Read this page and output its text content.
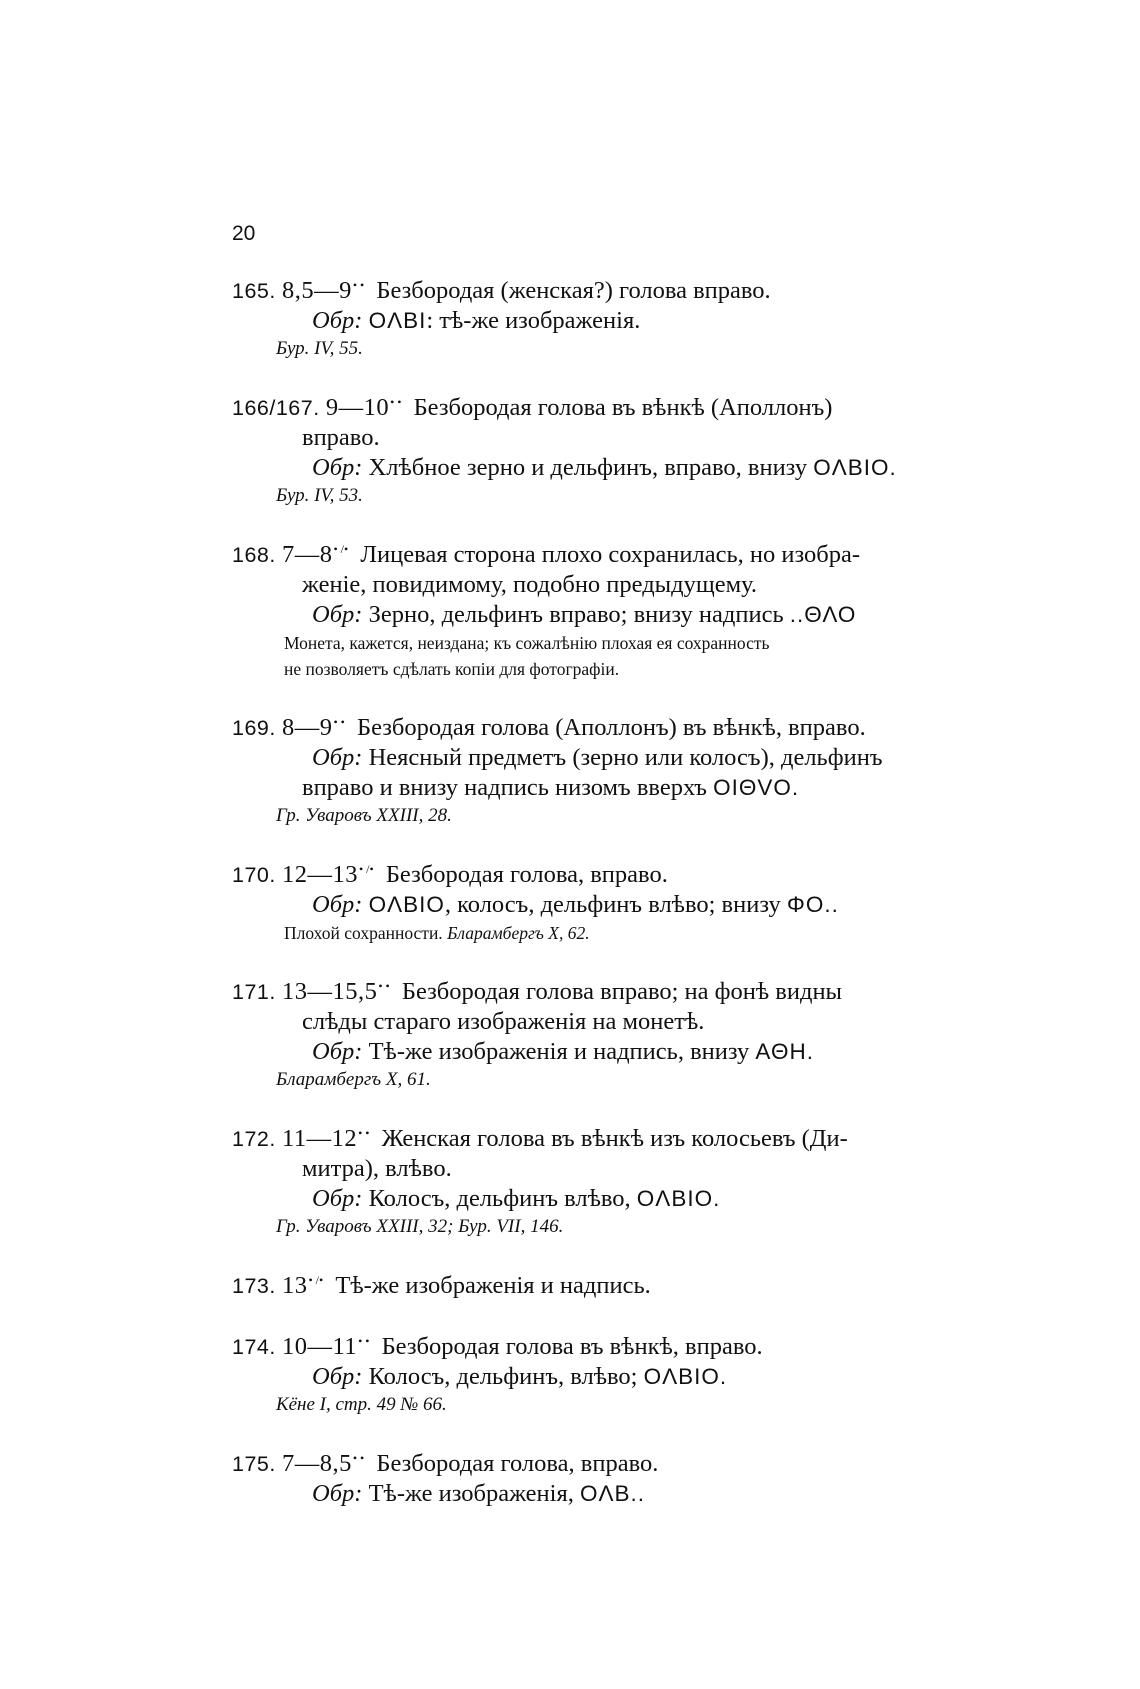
20
165. 8,5—9• • Безбородая (женская?) голова вправо.
Обр: ОΛΒΙ: тѣ-же изображенія.
Бур. IV, 55.
166/167. 9—10• • Безбородая голова въ вѣнкѣ (Аполлонъ)
вправо.
Обр: Хлѣбное зерно и дельфинъ, вправо, внизу ОΛΒΙΟ.
Бур. IV, 53.
168. 7—8• /• Лицевая сторона плохо сохранилась, но изобра-
женіе, повидимому, подобно предыдущему.
Обр: Зерно, дельфинъ вправо; внизу надпись ..ΘΛΟ
Монета, кажется, неиздана; къ сожалѣнію плохая ея сохранность
не позволяетъ сдѣлать копіи для фотографіи.
169. 8—9• • Безбородая голова (Аполлонъ) въ вѣнкѣ, вправо.
Обр: Неясный предметъ (зерно или колосъ), дельфинъ
вправо и внизу надпись низомъ вверхъ ΟΙΘVΟ.
Гр. Уваровъ XXIII, 28.
170. 12—13• /• Безбородая голова, вправо.
Обр: ОΛΒΙΟ, колосъ, дельфинъ влѣво; внизу ΦΟ..
Плохой сохранности. Бларамбергъ X, 62.
171. 13—15,5• • Безбородая голова вправо; на фонѣ видны
слѣды стараго изображенія на монетѣ.
Обр: Тѣ-же изображенія и надпись, внизу ΑΘΗ.
Бларамбергъ X, 61.
172. 11—12• • Женская голова въ вѣнкѣ изъ колосьевъ (Ди-
митра), влѣво.
Обр: Колосъ, дельфинъ влѣво, ОΛΒΙΟ.
Гр. Уваровъ XXIII, 32; Бур. VII, 146.
173. 13• /• Тѣ-же изображенія и надпись.
174. 10—11• • Безбородая голова въ вѣнкѣ, вправо.
Обр: Колосъ, дельфинъ, влѣво; ОΛΒΙΟ.
Кёне I, стр. 49 № 66.
175. 7—8,5• • Безбородая голова, вправо.
Обр: Тѣ-же изображенія, ОΛΒ..
